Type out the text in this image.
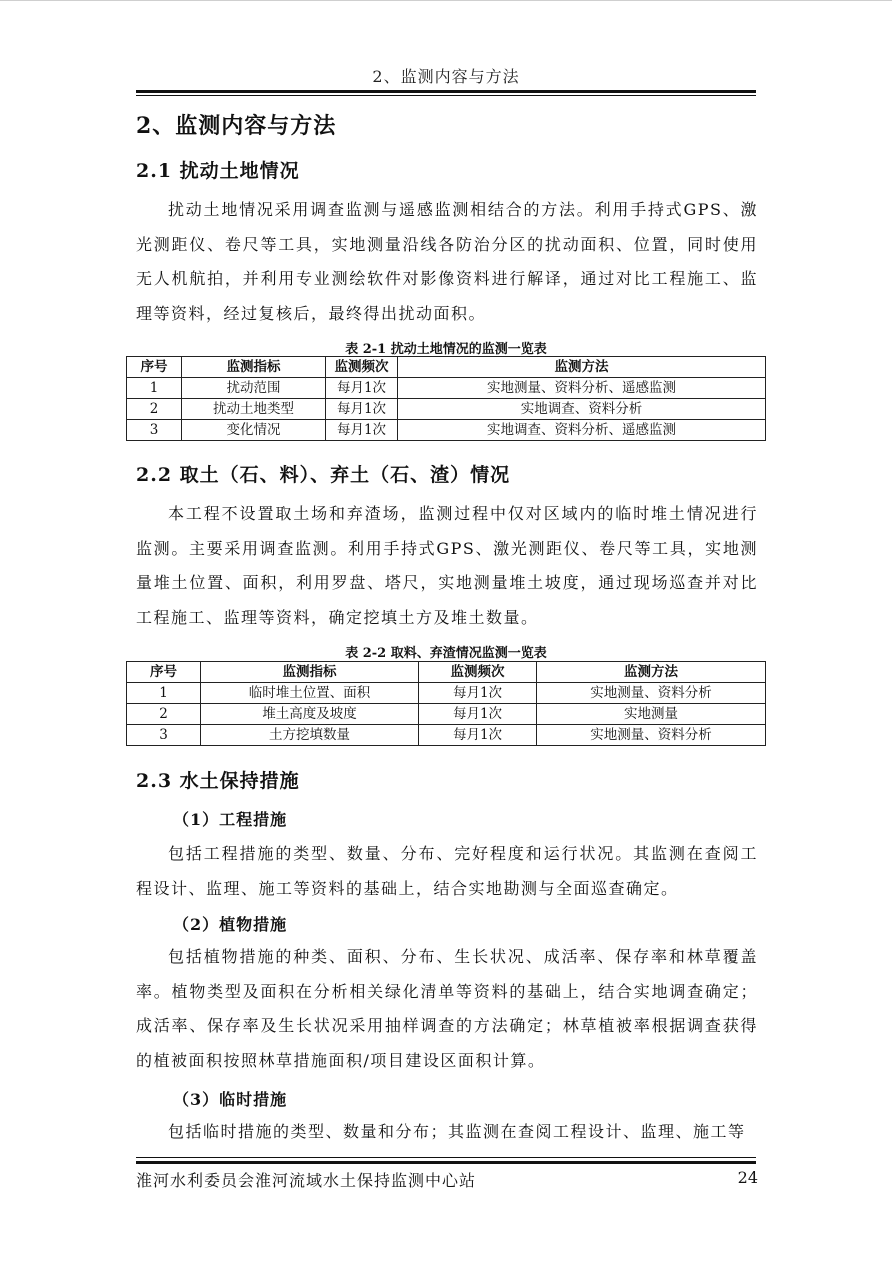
2、监测内容与方法
2、监测内容与方法
2.1 扰动土地情况

扰动土地情况采用调查监测与遥感监测相结合的方法。利用手持式GPS、激光测距仪、卷尺等工具，实地测量沿线各防治分区的扰动面积、位置，同时使用无人机航拍，并利用专业测绘软件对影像资料进行解译，通过对比工程施工、监理等资料，经过复核后，最终得出扰动面积。

表 2-1 扰动土地情况的监测一览表
序号	监测指标	监测频次	监测方法
1	扰动范围	每月1次	实地测量、资料分析、遥感监测
2	扰动土地类型	每月1次	实地调查、资料分析
3	变化情况	每月1次	实地调查、资料分析、遥感监测
2.2 取土（石、料）、弃土（石、渣）情况

本工程不设置取土场和弃渣场，监测过程中仅对区域内的临时堆土情况进行监测。主要采用调查监测。利用手持式GPS、激光测距仪、卷尺等工具，实地测量堆土位置、面积，利用罗盘、塔尺，实地测量堆土坡度，通过现场巡查并对比工程施工、监理等资料，确定挖填土方及堆土数量。

表 2-2 取料、弃渣情况监测一览表
序号	监测指标	监测频次	监测方法
1	临时堆土位置、面积	每月1次	实地测量、资料分析
2	堆土高度及坡度	每月1次	实地测量
3	土方挖填数量	每月1次	实地测量、资料分析
2.3 水土保持措施
（1）工程措施

包括工程措施的类型、数量、分布、完好程度和运行状况。其监测在查阅工程设计、监理、施工等资料的基础上，结合实地勘测与全面巡查确定。

（2）植物措施

包括植物措施的种类、面积、分布、生长状况、成活率、保存率和林草覆盖率。植物类型及面积在分析相关绿化清单等资料的基础上，结合实地调查确定；成活率、保存率及生长状况采用抽样调查的方法确定；林草植被率根据调查获得的植被面积按照林草措施面积/项目建设区面积计算。

（3）临时措施

包括临时措施的类型、数量和分布；其监测在查阅工程设计、监理、施工等

淮河水利委员会淮河流域水土保持监测中心站	24
